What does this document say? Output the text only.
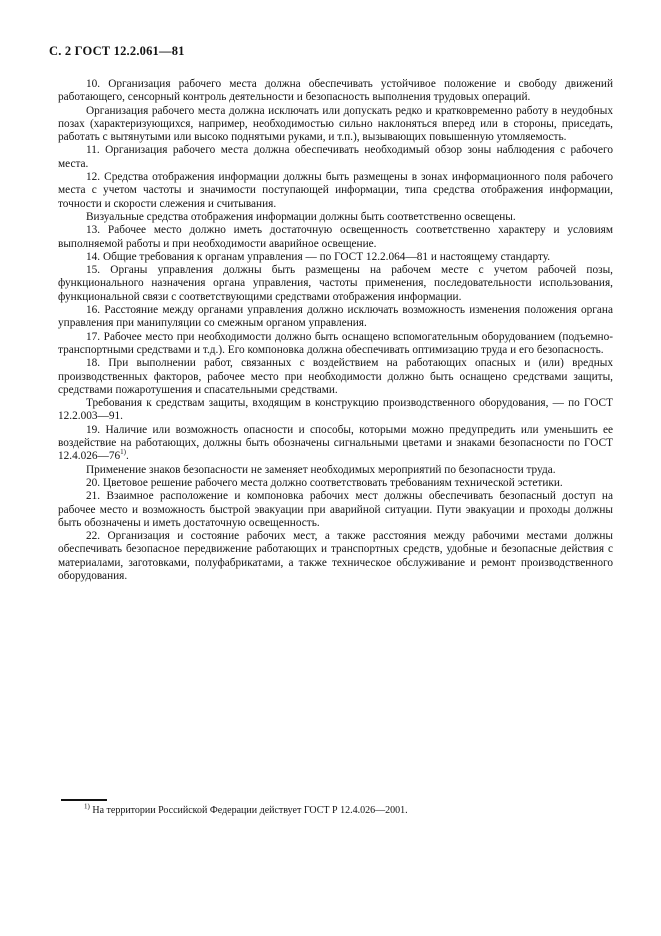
С. 2 ГОСТ 12.2.061—81

10. Организация рабочего места должна обеспечивать устойчивое положение и свободу движений работающего, сенсорный контроль деятельности и безопасность выполнения трудовых операций.

Организация рабочего места должна исключать или допускать редко и кратковременно работу в неудобных позах (характеризующихся, например, необходимостью сильно наклоняться вперед или в стороны, приседать, работать с вытянутыми или высоко поднятыми руками, и т.п.), вызывающих повышенную утомляемость.

11. Организация рабочего места должна обеспечивать необходимый обзор зоны наблюдения с рабочего места.

12. Средства отображения информации должны быть размещены в зонах информационного поля рабочего места с учетом частоты и значимости поступающей информации, типа средства отображения информации, точности и скорости слежения и считывания.

Визуальные средства отображения информации должны быть соответственно освещены.

13. Рабочее место должно иметь достаточную освещенность соответственно характеру и условиям выполняемой работы и при необходимости аварийное освещение.

14. Общие требования к органам управления — по ГОСТ 12.2.064—81 и настоящему стандарту.

15. Органы управления должны быть размещены на рабочем месте с учетом рабочей позы, функционального назначения органа управления, частоты применения, последовательности использования, функциональной связи с соответствующими средствами отображения информации.

16. Расстояние между органами управления должно исключать возможность изменения положения органа управления при манипуляции со смежным органом управления.

17. Рабочее место при необходимости должно быть оснащено вспомогательным оборудованием (подъемно-транспортными средствами и т.д.). Его компоновка должна обеспечивать оптимизацию труда и его безопасность.

18. При выполнении работ, связанных с воздействием на работающих опасных и (или) вредных производственных факторов, рабочее место при необходимости должно быть оснащено средствами защиты, средствами пожаротушения и спасательными средствами.

Требования к средствам защиты, входящим в конструкцию производственного оборудования, — по ГОСТ 12.2.003—91.

19. Наличие или возможность опасности и способы, которыми можно предупредить или уменьшить ее воздействие на работающих, должны быть обозначены сигнальными цветами и знаками безопасности по ГОСТ 12.4.026—76$^{1)}$.

Применение знаков безопасности не заменяет необходимых мероприятий по безопасности труда.

20. Цветовое решение рабочего места должно соответствовать требованиям технической эстетики.

21. Взаимное расположение и компоновка рабочих мест должны обеспечивать безопасный доступ на рабочее место и возможность быстрой эвакуации при аварийной ситуации. Пути эвакуации и проходы должны быть обозначены и иметь достаточную освещенность.

22. Организация и состояние рабочих мест, а также расстояния между рабочими местами должны обеспечивать безопасное передвижение работающих и транспортных средств, удобные и безопасные действия с материалами, заготовками, полуфабрикатами, а также техническое обслуживание и ремонт производственного оборудования.

$^{1)}$ На территории Российской Федерации действует ГОСТ Р 12.4.026—2001.
